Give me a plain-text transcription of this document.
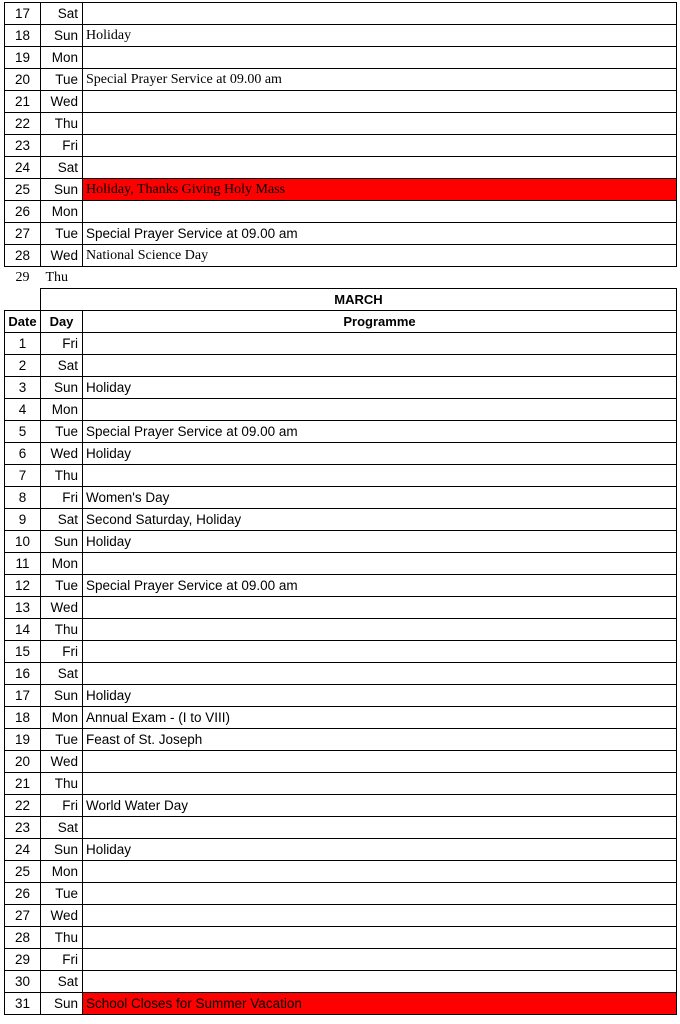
17	Sat	
18	Sun	Holiday
19	Mon	
20	Tue	Special Prayer Service at 09.00 am
21	Wed	
22	Thu	
23	Fri	
24	Sat	
25	Sun	Holiday, Thanks Giving Holy Mass
26	Mon	
27	Tue	Special Prayer Service at 09.00 am
28	Wed	National Science Day
29	Thu	
	MARCH	
Date	Day	Programme
1	Fri	
2	Sat	
3	Sun	Holiday
4	Mon	
5	Tue	Special Prayer Service at 09.00 am
6	Wed	Holiday
7	Thu	
8	Fri	Women's Day
9	Sat	Second Saturday, Holiday
10	Sun	Holiday
11	Mon	
12	Tue	Special Prayer Service at 09.00 am
13	Wed	
14	Thu	
15	Fri	
16	Sat	
17	Sun	Holiday
18	Mon	Annual Exam - (I to VIII)
19	Tue	Feast of St. Joseph
20	Wed	
21	Thu	
22	Fri	World Water Day
23	Sat	
24	Sun	Holiday
25	Mon	
26	Tue	
27	Wed	
28	Thu	
29	Fri	
30	Sat	
31	Sun	School Closes for Summer Vacation
